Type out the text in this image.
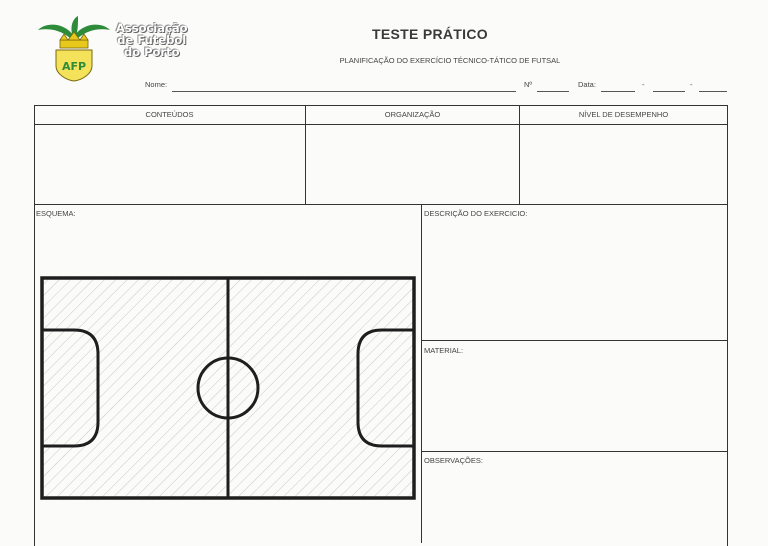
AFP
Associação
de Futebol
do Porto
TESTE PRÁTICO
PLANIFICAÇÃO DO EXERCÍCIO TÉCNICO-TÁTICO DE FUTSAL
Nome:	Nº	Data:	-	-
CONTEÚDOS	ORGANIZAÇÃO	NÍVEL DE DESEMPENHO
ESQUEMA:	DESCRIÇÃO DO EXERCICIO:
MATERIAL:
OBSERVAÇÕES:
